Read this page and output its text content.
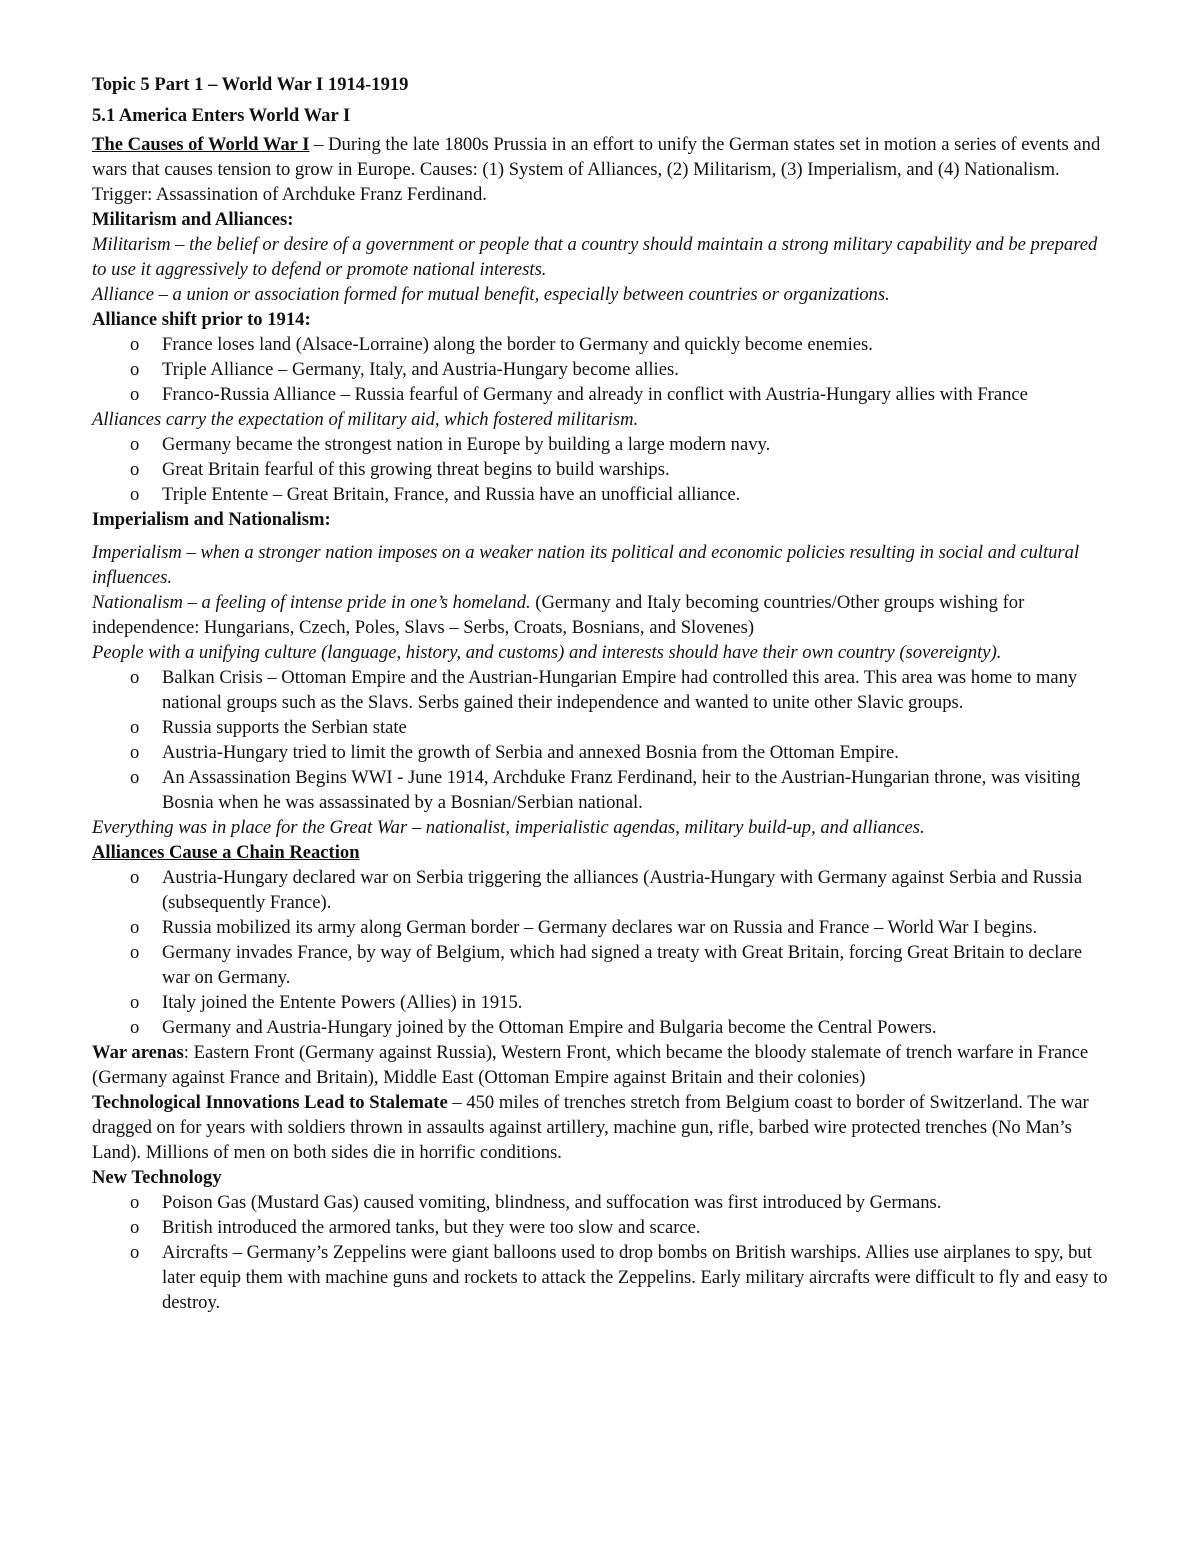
Topic 5 Part 1 – World War I 1914-1919

5.1 America Enters World War I

The Causes of World War I – During the late 1800s Prussia in an effort to unify the German states set in motion a series of events and wars that causes tension to grow in Europe. Causes: (1) System of Alliances, (2) Militarism, (3) Imperialism, and (4) Nationalism. Trigger: Assassination of Archduke Franz Ferdinand.

Militarism and Alliances:

Militarism – the belief or desire of a government or people that a country should maintain a strong military capability and be prepared to use it aggressively to defend or promote national interests.

Alliance – a union or association formed for mutual benefit, especially between countries or organizations.

Alliance shift prior to 1914:

o France loses land (Alsace-Lorraine) along the border to Germany and quickly become enemies.
o Triple Alliance – Germany, Italy, and Austria-Hungary become allies.
o Franco-Russia Alliance – Russia fearful of Germany and already in conflict with Austria-Hungary allies with France

Alliances carry the expectation of military aid, which fostered militarism.

o Germany became the strongest nation in Europe by building a large modern navy.
o Great Britain fearful of this growing threat begins to build warships.
o Triple Entente – Great Britain, France, and Russia have an unofficial alliance.

Imperialism and Nationalism:

Imperialism – when a stronger nation imposes on a weaker nation its political and economic policies resulting in social and cultural influences.

Nationalism – a feeling of intense pride in one’s homeland. (Germany and Italy becoming countries/Other groups wishing for independence: Hungarians, Czech, Poles, Slavs – Serbs, Croats, Bosnians, and Slovenes)

People with a unifying culture (language, history, and customs) and interests should have their own country (sovereignty).

o Balkan Crisis – Ottoman Empire and the Austrian-Hungarian Empire had controlled this area. This area was home to many national groups such as the Slavs. Serbs gained their independence and wanted to unite other Slavic groups.
o Russia supports the Serbian state
o Austria-Hungary tried to limit the growth of Serbia and annexed Bosnia from the Ottoman Empire.
o An Assassination Begins WWI - June 1914, Archduke Franz Ferdinand, heir to the Austrian-Hungarian throne, was visiting Bosnia when he was assassinated by a Bosnian/Serbian national.

Everything was in place for the Great War – nationalist, imperialistic agendas, military build-up, and alliances.

Alliances Cause a Chain Reaction

o Austria-Hungary declared war on Serbia triggering the alliances (Austria-Hungary with Germany against Serbia and Russia (subsequently France).
o Russia mobilized its army along German border – Germany declares war on Russia and France – World War I begins.
o Germany invades France, by way of Belgium, which had signed a treaty with Great Britain, forcing Great Britain to declare war on Germany.
o Italy joined the Entente Powers (Allies) in 1915.
o Germany and Austria-Hungary joined by the Ottoman Empire and Bulgaria become the Central Powers.

War arenas: Eastern Front (Germany against Russia), Western Front, which became the bloody stalemate of trench warfare in France (Germany against France and Britain), Middle East (Ottoman Empire against Britain and their colonies)

Technological Innovations Lead to Stalemate – 450 miles of trenches stretch from Belgium coast to border of Switzerland. The war dragged on for years with soldiers thrown in assaults against artillery, machine gun, rifle, barbed wire protected trenches (No Man’s Land). Millions of men on both sides die in horrific conditions.

New Technology

o Poison Gas (Mustard Gas) caused vomiting, blindness, and suffocation was first introduced by Germans.
o British introduced the armored tanks, but they were too slow and scarce.
o Aircrafts – Germany’s Zeppelins were giant balloons used to drop bombs on British warships. Allies use airplanes to spy, but later equip them with machine guns and rockets to attack the Zeppelins. Early military aircrafts were difficult to fly and easy to destroy.
